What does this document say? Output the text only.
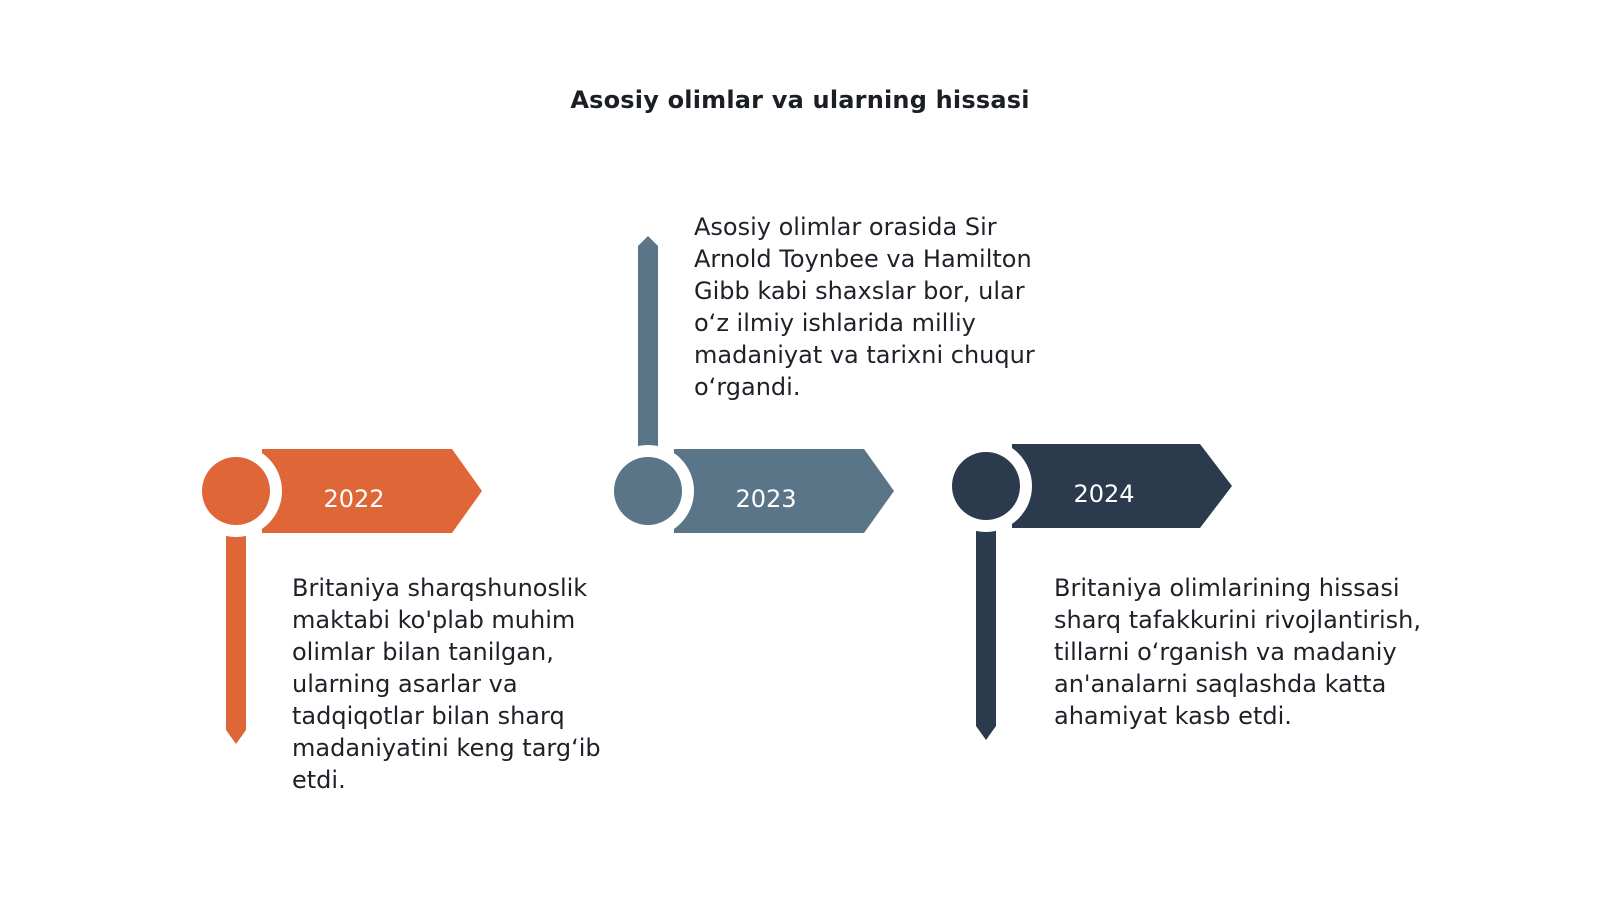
Asosiy olimlar va ularning hissasi
2022	2023	2024

Britaniya sharqshunoslik maktabi ko'plab muhim olimlar bilan tanilgan, ularning asarlar va tadqiqotlar bilan sharq madaniyatini keng targ‘ib etdi.

Asosiy olimlar orasida Sir Arnold Toynbee va Hamilton Gibb kabi shaxslar bor, ular o‘z ilmiy ishlarida milliy madaniyat va tarixni chuqur o‘rgandi.

Britaniya olimlarining hissasi sharq tafakkurini rivojlantirish, tillarni o‘rganish va madaniy an'analarni saqlashda katta ahamiyat kasb etdi.
